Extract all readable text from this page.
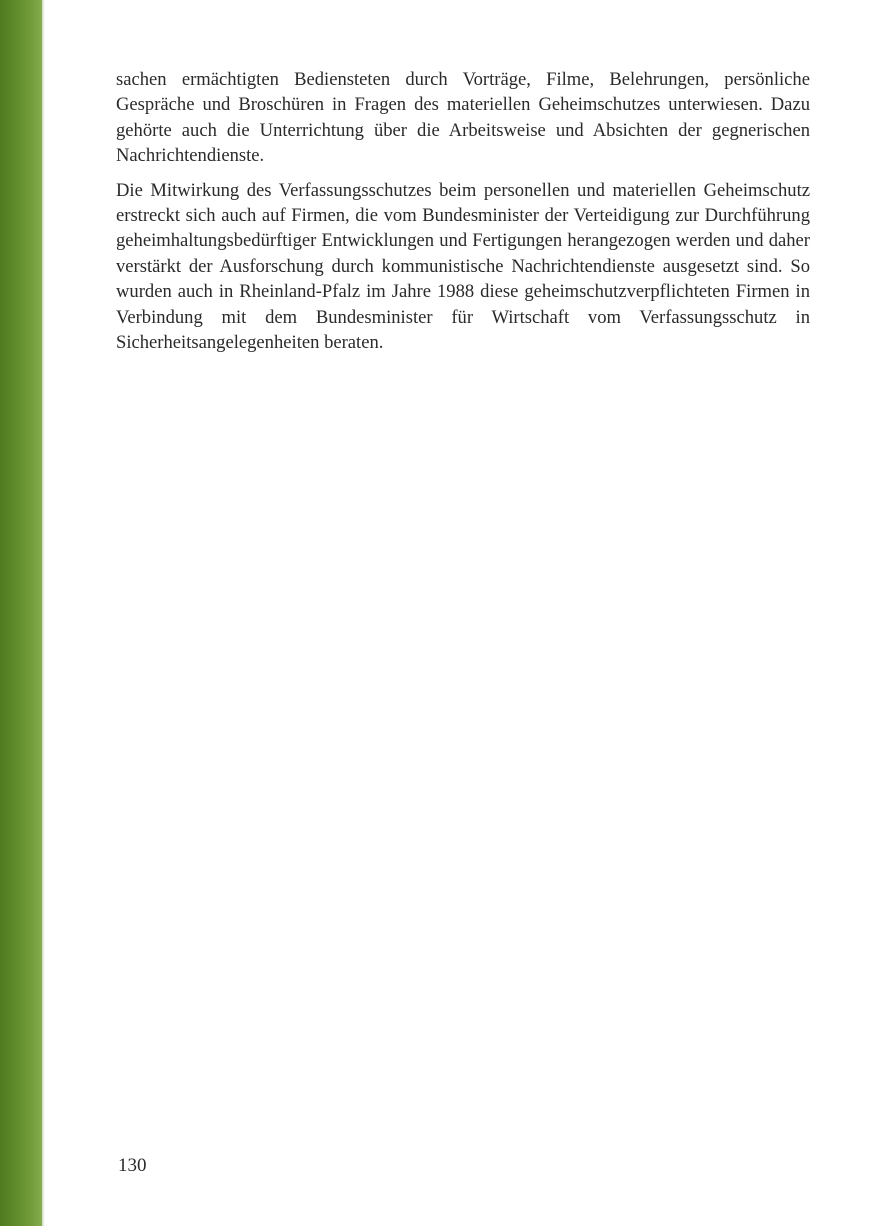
sachen ermächtigten Bediensteten durch Vorträge, Filme, Belehrungen, persönliche Gespräche und Broschüren in Fragen des materiellen Geheimschutzes unterwiesen. Dazu gehörte auch die Unterrichtung über die Arbeitsweise und Absichten der gegnerischen Nachrichtendienste.

Die Mitwirkung des Verfassungsschutzes beim personellen und materiellen Geheimschutz erstreckt sich auch auf Firmen, die vom Bundesminister der Verteidigung zur Durchführung geheimhaltungsbedürftiger Entwicklungen und Fertigungen herangezogen werden und daher verstärkt der Ausforschung durch kommunistische Nachrichtendienste ausgesetzt sind. So wurden auch in Rheinland-Pfalz im Jahre 1988 diese geheimschutzverpflichteten Firmen in Verbindung mit dem Bundesminister für Wirtschaft vom Verfassungsschutz in Sicherheitsangelegenheiten beraten.

130
